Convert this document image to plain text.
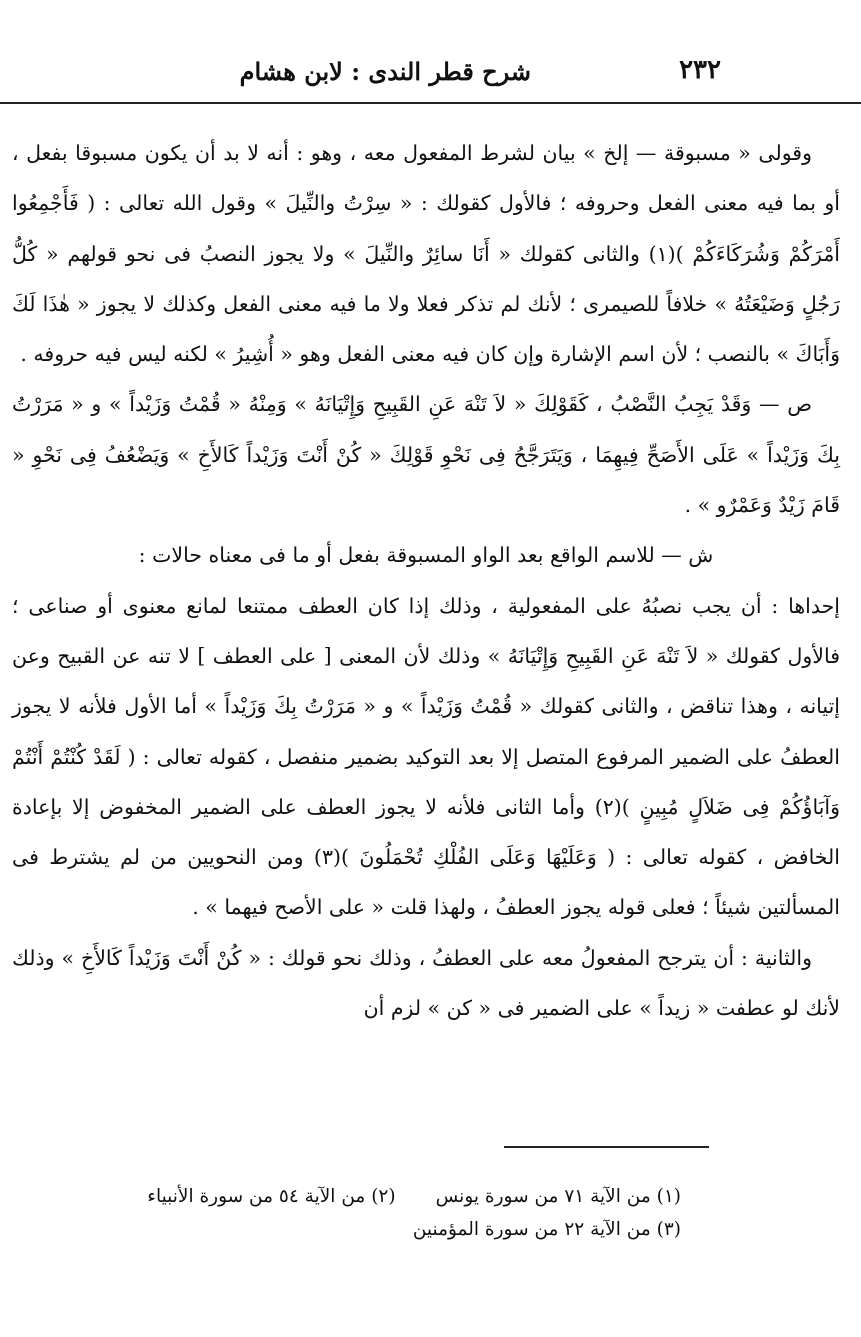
٢٣٢
شرح قطر الندى : لابن هشام

وقولى « مسبوقة — إلخ » بيان لشرط المفعول معه ، وهو : أنه لا بد أن يكون مسبوقا بفعل ، أو بما فيه معنى الفعل وحروفه ؛ فالأول كقولك : « سِرْتُ والنِّيلَ » وقول الله تعالى : ( فَأَجْمِعُوا أَمْرَكُمْ وَشُرَكَاءَكُمْ )(١) والثانى كقولك « أَنَا سائِرٌ والنِّيلَ » ولا يجوز النصبُ فى نحو قولهم « كُلُّ رَجُلٍ وَضَيْعَتُهُ » خلافاً للصيمرى ؛ لأنك لم تذكر فعلا ولا ما فيه معنى الفعل وكذلك لا يجوز « هٰذَا لَكَ وَأَبَاكَ » بالنصب ؛ لأن اسم الإشارة وإن كان فيه معنى الفعل وهو « أُشِيرُ » لكنه ليس فيه حروفه .

ص — وَقَدْ يَجِبُ النَّصْبُ ، كَقَوْلِكَ « لاَ تَنْهَ عَنِ القَبِيحِ وَإِتْيَانَهُ » وَمِنْهُ « قُمْتُ وَزَيْداً » و « مَرَرْتُ بِكَ وَزَيْداً » عَلَى الأَصَحِّ فِيهِمَا ، وَيَتَرَجَّحُ فِى نَحْوِ قَوْلِكَ « كُنْ أَنْتَ وَزَيْداً كَالأَخِ » وَيَضْعُفُ فِى نَحْوِ « قَامَ زَيْدٌ وَعَمْرٌو » .

ش — للاسم الواقع بعد الواو المسبوقة بفعل أو ما فى معناه حالات :

إحداها : أن يجب نصبُهُ على المفعولية ، وذلك إذا كان العطف ممتنعا لمانع معنوى أو صناعى ؛ فالأول كقولك « لاَ تَنْهَ عَنِ القَبِيحِ وَإِتْيَانَهُ » وذلك لأن المعنى [ على العطف ] لا تنه عن القبيح وعن إتيانه ، وهذا تناقض ، والثانى كقولك « قُمْتُ وَزَيْداً » و « مَرَرْتُ بِكَ وَزَيْداً » أما الأول فلأنه لا يجوز العطفُ على الضمير المرفوع المتصل إلا بعد التوكيد بضمير منفصل ، كقوله تعالى : ( لَقَدْ كُنْتُمْ أَنْتُمْ وَآبَاؤُكُمْ فِى ضَلاَلٍ مُبِينٍ )(٢) وأما الثانى فلأنه لا يجوز العطف على الضمير المخفوض إلا بإعادة الخافض ، كقوله تعالى : ( وَعَلَيْهَا وَعَلَى الفُلْكِ تُحْمَلُونَ )(٣) ومن النحويين من لم يشترط فى المسألتين شيئاً ؛ فعلى قوله يجوز العطفُ ، ولهذا قلت « على الأصح فيهما » .

والثانية : أن يترجح المفعولُ معه على العطفُ ، وذلك نحو قولك : « كُنْ أَنْتَ وَزَيْداً كَالأَخِ » وذلك لأنك لو عطفت « زيداً » على الضمير فى « كن » لزم أن

(١) من الآية ٧١ من سورة يونس
(٢) من الآية ٥٤ من سورة الأنبياء
(٣) من الآية ٢٢ من سورة المؤمنين
